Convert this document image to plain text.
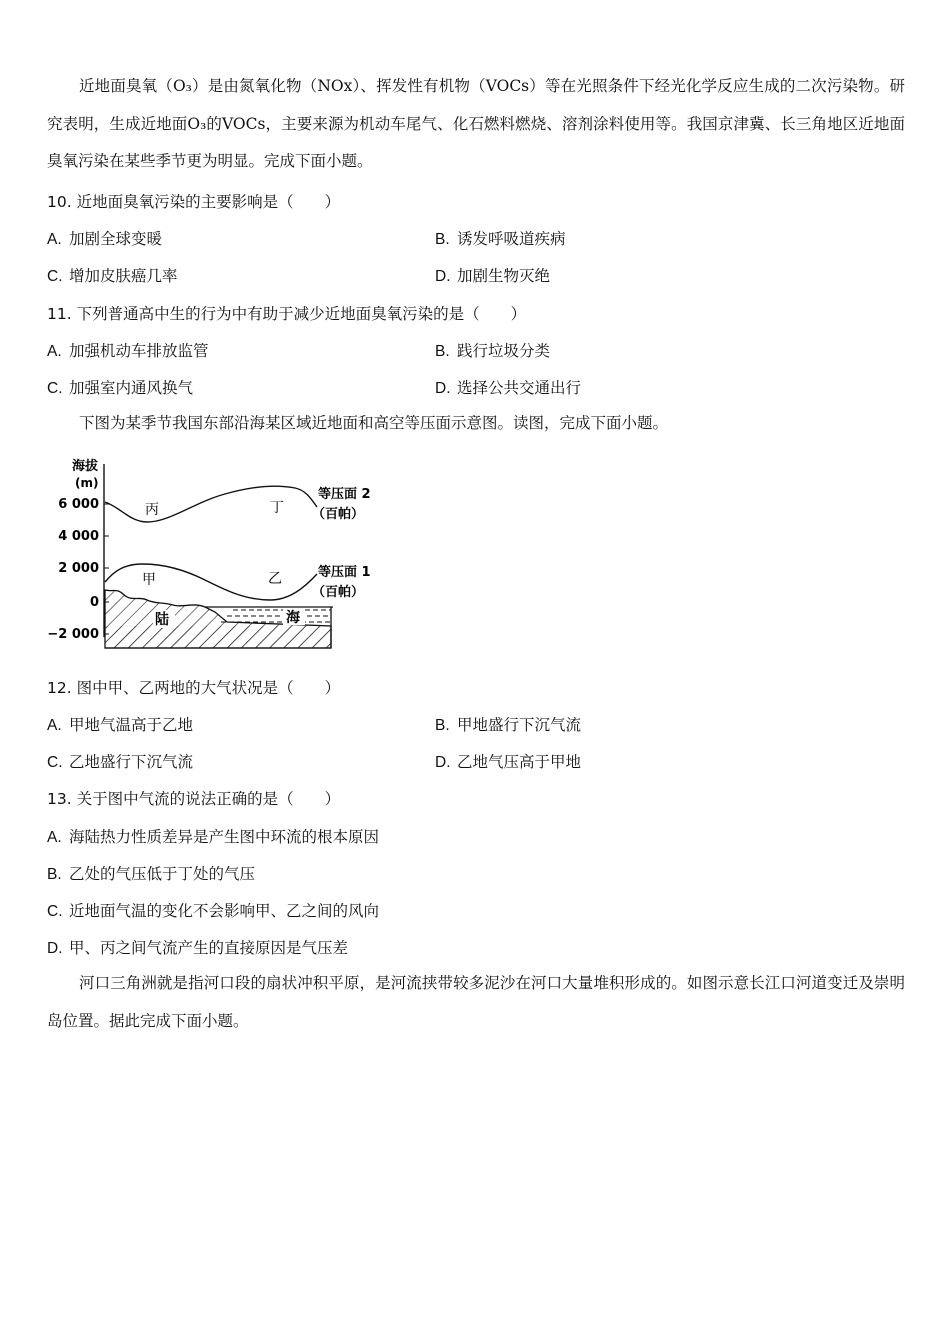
近地面臭氧（O₃）是由氮氧化物（NOx）、挥发性有机物（VOCs）等在光照条件下经光化学反应生成的二次污染物。研究表明，生成近地面O₃的VOCs，主要来源为机动车尾气、化石燃料燃烧、溶剂涂料使用等。我国京津冀、长三角地区近地面臭氧污染在某些季节更为明显。完成下面小题。
10. 近地面臭氧污染的主要影响是（　　）
A. 加剧全球变暖	B. 诱发呼吸道疾病
C. 增加皮肤癌几率	D. 加剧生物灭绝
11. 下列普通高中生的行为中有助于减少近地面臭氧污染的是（　　）
A. 加强机动车排放监管	B. 践行垃圾分类
C. 加强室内通风换气	D. 选择公共交通出行
下图为某季节我国东部沿海某区域近地面和高空等压面示意图。读图，完成下面小题。
海拔
(m)
6 000
4 000
2 000
0
−2 000
丙	丁
甲	乙
陆	海
等压面 2
（百帕）
等压面 1
（百帕）
12. 图中甲、乙两地的大气状况是（　　）
A. 甲地气温高于乙地	B. 甲地盛行下沉气流
C. 乙地盛行下沉气流	D. 乙地气压高于甲地
13. 关于图中气流的说法正确的是（　　）
A. 海陆热力性质差异是产生图中环流的根本原因
B. 乙处的气压低于丁处的气压
C. 近地面气温的变化不会影响甲、乙之间的风向
D. 甲、丙之间气流产生的直接原因是气压差
河口三角洲就是指河口段的扇状冲积平原，是河流挟带较多泥沙在河口大量堆积形成的。如图示意长江口河道变迁及崇明岛位置。据此完成下面小题。
